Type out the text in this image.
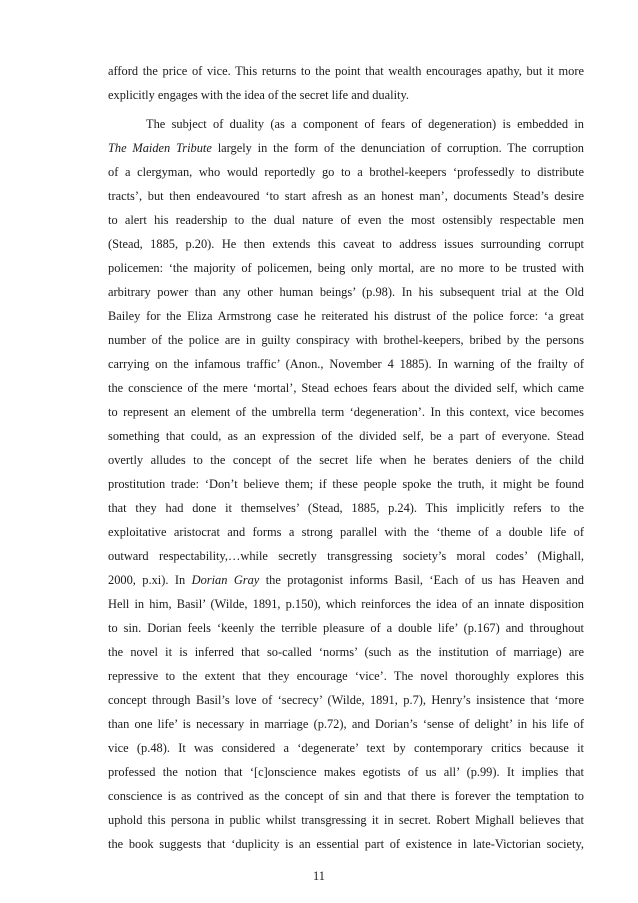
afford the price of vice. This returns to the point that wealth encourages apathy, but it more
explicitly engages with the idea of the secret life and duality.
The subject of duality (as a component of fears of degeneration) is embedded in
The Maiden Tribute largely in the form of the denunciation of corruption. The corruption
of a clergyman, who would reportedly go to a brothel-keepers ‘professedly to distribute
tracts’, but then endeavoured ‘to start afresh as an honest man’, documents Stead’s desire
to alert his readership to the dual nature of even the most ostensibly respectable men
(Stead, 1885, p.20). He then extends this caveat to address issues surrounding corrupt
policemen: ‘the majority of policemen, being only mortal, are no more to be trusted with
arbitrary power than any other human beings’ (p.98). In his subsequent trial at the Old
Bailey for the Eliza Armstrong case he reiterated his distrust of the police force: ‘a great
number of the police are in guilty conspiracy with brothel-keepers, bribed by the persons
carrying on the infamous traffic’ (Anon., November 4 1885). In warning of the frailty of
the conscience of the mere ‘mortal’, Stead echoes fears about the divided self, which came
to represent an element of the umbrella term ‘degeneration’. In this context, vice becomes
something that could, as an expression of the divided self, be a part of everyone. Stead
overtly alludes to the concept of the secret life when he berates deniers of the child
prostitution trade: ‘Don’t believe them; if these people spoke the truth, it might be found
that they had done it themselves’ (Stead, 1885, p.24). This implicitly refers to the
exploitative aristocrat and forms a strong parallel with the ‘theme of a double life of
outward respectability,…while secretly transgressing society’s moral codes’ (Mighall,
2000, p.xi). In Dorian Gray the protagonist informs Basil, ‘Each of us has Heaven and
Hell in him, Basil’ (Wilde, 1891, p.150), which reinforces the idea of an innate disposition
to sin. Dorian feels ‘keenly the terrible pleasure of a double life’ (p.167) and throughout
the novel it is inferred that so-called ‘norms’ (such as the institution of marriage) are
repressive to the extent that they encourage ‘vice’. The novel thoroughly explores this
concept through Basil’s love of ‘secrecy’ (Wilde, 1891, p.7), Henry’s insistence that ‘more
than one life’ is necessary in marriage (p.72), and Dorian’s ‘sense of delight’ in his life of
vice (p.48). It was considered a ‘degenerate’ text by contemporary critics because it
professed the notion that ‘[c]onscience makes egotists of us all’ (p.99). It implies that
conscience is as contrived as the concept of sin and that there is forever the temptation to
uphold this persona in public whilst transgressing it in secret. Robert Mighall believes that
the book suggests that ‘duplicity is an essential part of existence in late-Victorian society,
11
